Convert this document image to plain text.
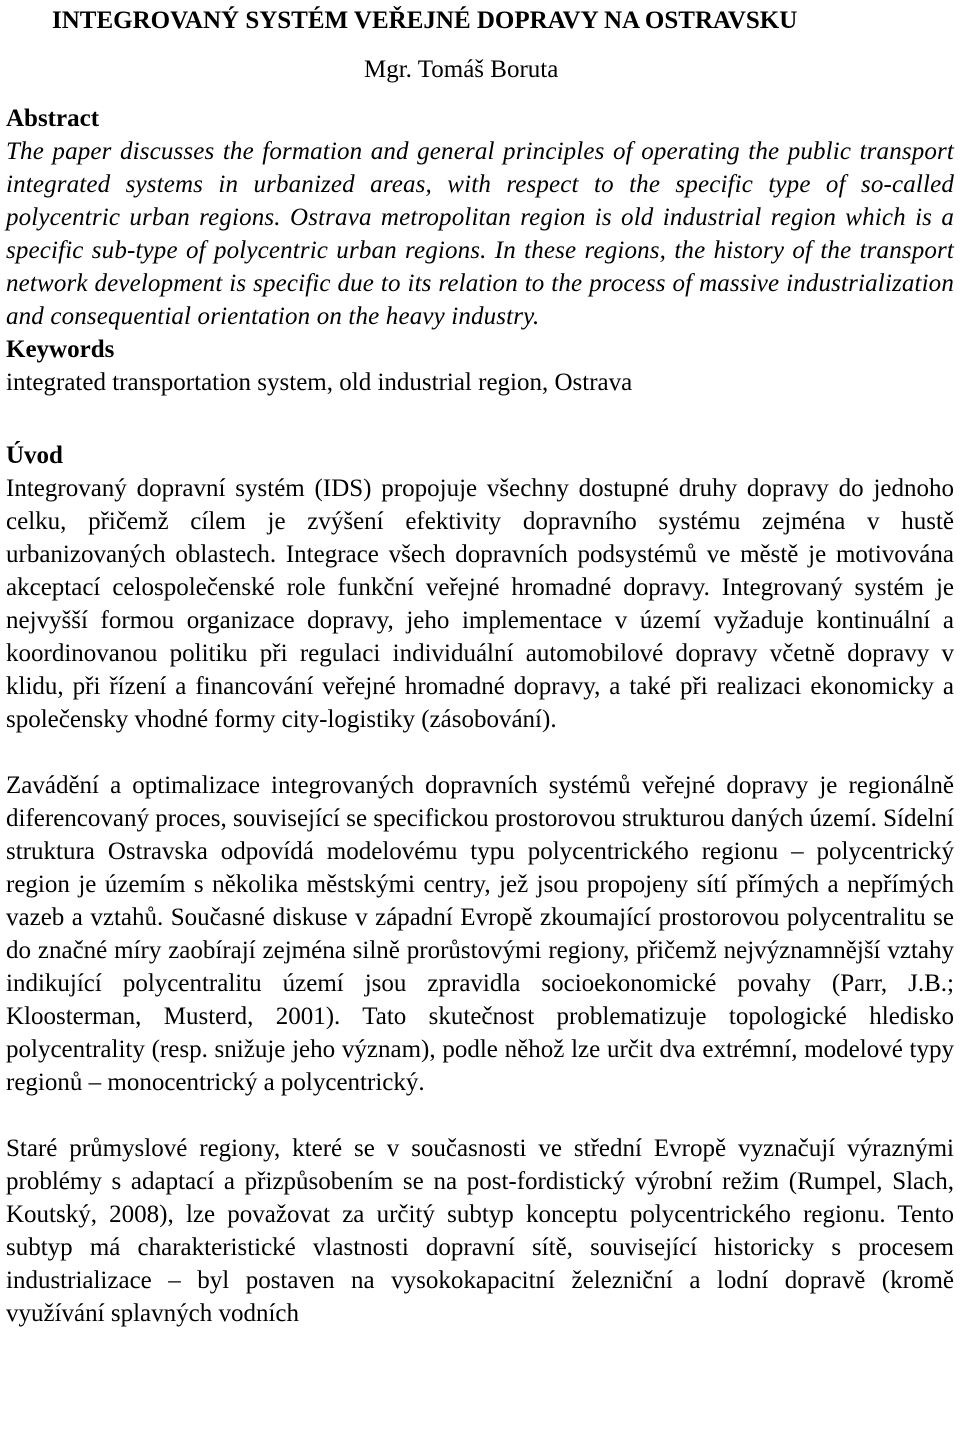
INTEGROVANÝ SYSTÉM VEŘEJNÉ DOPRAVY NA OSTRAVSKU
Mgr. Tomáš Boruta
Abstract

The paper discusses the formation and general principles of operating the public transport integrated systems in urbanized areas, with respect to the specific type of so-called polycentric urban regions. Ostrava metropolitan region is old industrial region which is a specific sub-type of polycentric urban regions. In these regions, the history of the transport network development is specific due to its relation to the process of massive industrialization and consequential orientation on the heavy industry.

Keywords

integrated transportation system, old industrial region, Ostrava

Úvod

Integrovaný dopravní systém (IDS) propojuje všechny dostupné druhy dopravy do jednoho celku, přičemž cílem je zvýšení efektivity dopravního systému zejména v hustě urbanizovaných oblastech. Integrace všech dopravních podsystémů ve městě je motivována akceptací celospolečenské role funkční veřejné hromadné dopravy. Integrovaný systém je nejvyšší formou organizace dopravy, jeho implementace v území vyžaduje kontinuální a koordinovanou politiku při regulaci individuální automobilové dopravy včetně dopravy v klidu, při řízení a financování veřejné hromadné dopravy, a také při realizaci ekonomicky a společensky vhodné formy city-logistiky (zásobování).

Zavádění a optimalizace integrovaných dopravních systémů veřejné dopravy je regionálně diferencovaný proces, související se specifickou prostorovou strukturou daných území. Sídelní struktura Ostravska odpovídá modelovému typu polycentrického regionu – polycentrický region je územím s několika městskými centry, jež jsou propojeny sítí přímých a nepřímých vazeb a vztahů. Současné diskuse v západní Evropě zkoumající prostorovou polycentralitu se do značné míry zaobírají zejména silně prorůstovými regiony, přičemž nejvýznamnější vztahy indikující polycentralitu území jsou zpravidla socioekonomické povahy (Parr, J.B.; Kloosterman, Musterd, 2001). Tato skutečnost problematizuje topologické hledisko polycentrality (resp. snižuje jeho význam), podle něhož lze určit dva extrémní, modelové typy regionů – monocentrický a polycentrický.

Staré průmyslové regiony, které se v současnosti ve střední Evropě vyznačují výraznými problémy s adaptací a přizpůsobením se na post-fordistický výrobní režim (Rumpel, Slach, Koutský, 2008), lze považovat za určitý subtyp konceptu polycentrického regionu. Tento subtyp má charakteristické vlastnosti dopravní sítě, související historicky s procesem industrializace – byl postaven na vysokokapacitní železniční a lodní dopravě (kromě využívání splavných vodních
